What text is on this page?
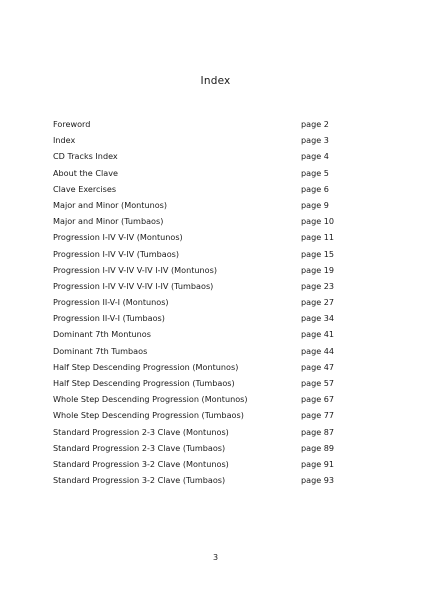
Index
Foreword	page 2
Index	page 3
CD Tracks Index	page 4
About the Clave	page 5
Clave Exercises	page 6
Major and Minor (Montunos)	page 9
Major and Minor (Tumbaos)	page 10
Progression I-IV V-IV (Montunos)	page 11
Progression I-IV V-IV (Tumbaos)	page 15
Progression I-IV V-IV V-IV I-IV (Montunos)	page 19
Progression I-IV V-IV V-IV I-IV (Tumbaos)	page 23
Progression II-V-I (Montunos)	page 27
Progression II-V-I (Tumbaos)	page 34
Dominant 7th Montunos	page 41
Dominant 7th Tumbaos	page 44
Half Step Descending Progression (Montunos)	page 47
Half Step Descending Progression (Tumbaos)	page 57
Whole Step Descending Progression (Montunos)	page 67
Whole Step Descending Progression (Tumbaos)	page 77
Standard Progression 2-3 Clave (Montunos)	page 87
Standard Progression 2-3 Clave (Tumbaos)	page 89
Standard Progression 3-2 Clave (Montunos)	page 91
Standard Progression 3-2 Clave (Tumbaos)	page 93
3
